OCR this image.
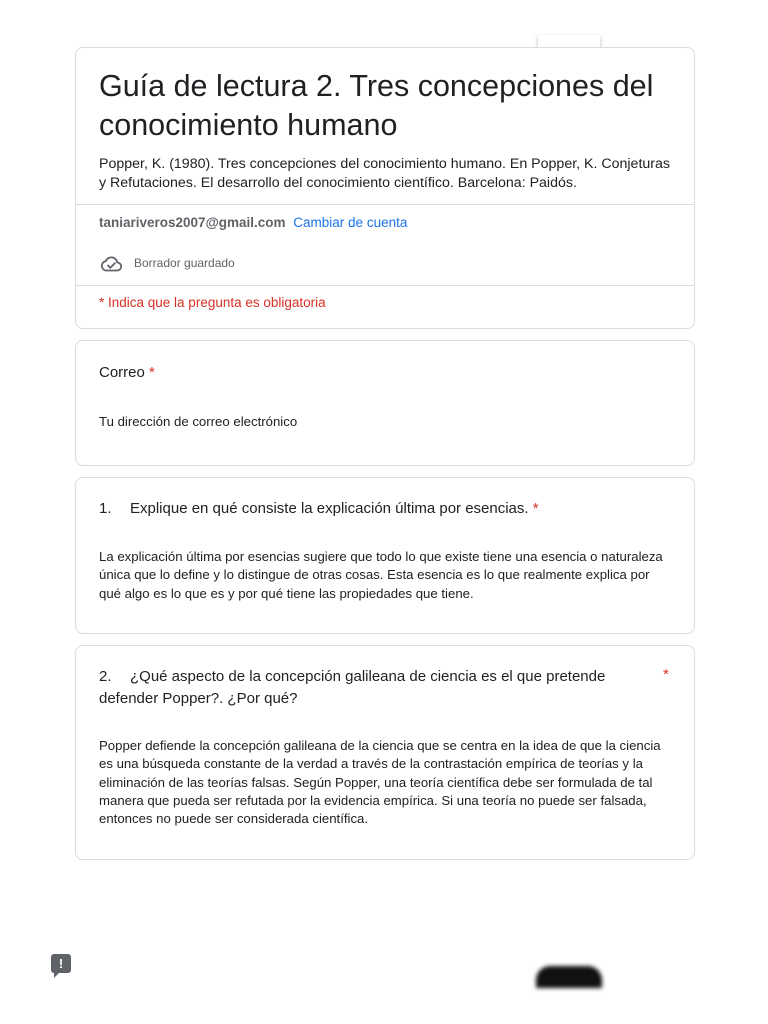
Guía de lectura 2. Tres concepciones del conocimiento humano
Popper, K. (1980). Tres concepciones del conocimiento humano. En Popper, K. Conjeturas y Refutaciones. El desarrollo del conocimiento científico. Barcelona: Paidós.
taniariveros2007@gmail.com Cambiar de cuenta
Borrador guardado
* Indica que la pregunta es obligatoria
Correo *
Tu dirección de correo electrónico
1. Explique en qué consiste la explicación última por esencias. *
La explicación última por esencias sugiere que todo lo que existe tiene una esencia o naturaleza única que lo define y lo distingue de otras cosas. Esta esencia es lo que realmente explica por qué algo es lo que es y por qué tiene las propiedades que tiene.
2. ¿Qué aspecto de la concepción galileana de ciencia es el que pretende defender Popper?. ¿Por qué?
*
Popper defiende la concepción galileana de la ciencia que se centra en la idea de que la ciencia es una búsqueda constante de la verdad a través de la contrastación empírica de teorías y la eliminación de las teorías falsas. Según Popper, una teoría científica debe ser formulada de tal manera que pueda ser refutada por la evidencia empírica. Si una teoría no puede ser falsada, entonces no puede ser considerada científica.
!
